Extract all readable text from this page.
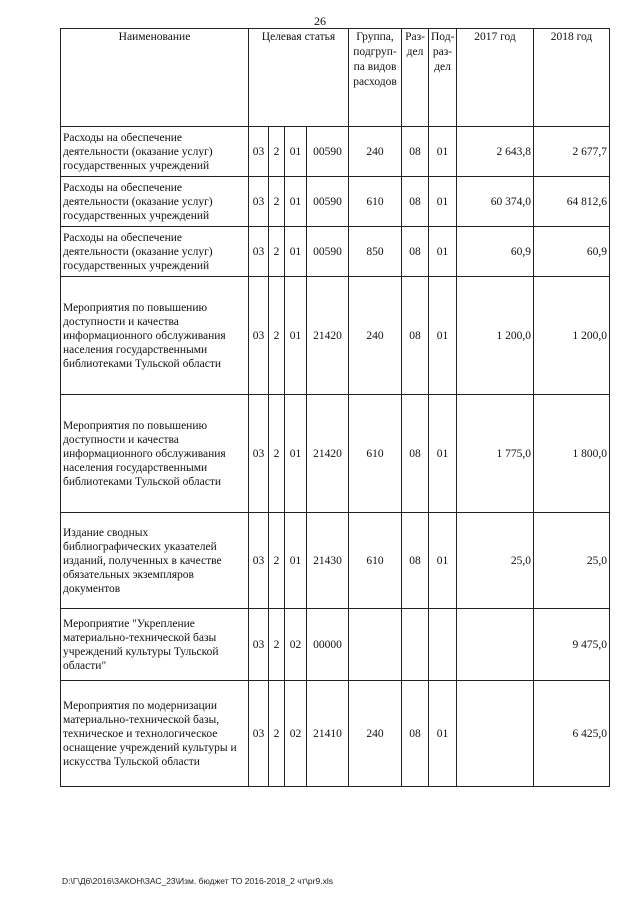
26
Наименование	Целевая статья				Группа, подгруп-па видов расходов	Раз-дел	Под-раз-дел	2017 год	2018 год
Расходы на обеспечение деятельности (оказание услуг) государственных учреждений	03	2	01	00590	240	08	01	2 643,8	2 677,7
Расходы на обеспечение деятельности (оказание услуг) государственных учреждений	03	2	01	00590	610	08	01	60 374,0	64 812,6
Расходы на обеспечение деятельности (оказание услуг) государственных учреждений	03	2	01	00590	850	08	01	60,9	60,9
Мероприятия по повышению доступности и качества информационного обслуживания населения государственными библиотеками Тульской области	03	2	01	21420	240	08	01	1 200,0	1 200,0
Мероприятия по повышению доступности и качества информационного обслуживания населения государственными библиотеками Тульской области	03	2	01	21420	610	08	01	1 775,0	1 800,0
Издание сводных библиографических указателей изданий, полученных в качестве обязательных экземпляров документов	03	2	01	21430	610	08	01	25,0	25,0
Мероприятие "Укрепление материально-технической базы учреждений культуры Тульской области"	03	2	02	00000					9 475,0
Мероприятия по модернизации материально-технической базы, техническое и технологическое оснащение учреждений культуры и искусства Тульской области	03	2	02	21410	240	08	01		6 425,0
D:\Г\Д6\2016\ЗАКОН\ЗАС_23\Изм. бюджет ТО 2016-2018_2 чт\pr9.xls
